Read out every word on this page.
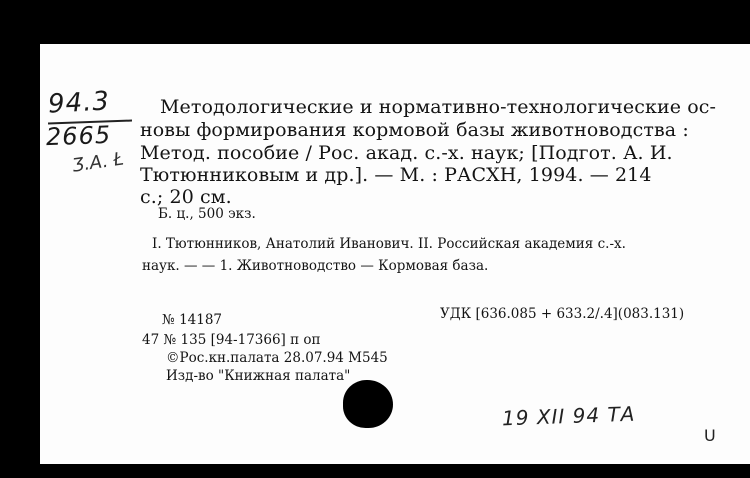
94.3
2665
Ʒ.A. Ł
Методологические и нормативно-технологические ос-
новы формирования кормовой базы животноводства :
Метод. пособие / Рос. акад. с.-х. наук; [Подгот. А. И.
Тютюнниковым и др.]. — М. : РАСХН, 1994. — 214
с.; 20 см.
Б. ц., 500 экз.
I. Тютюнников, Анатолий Иванович. II. Российская академия с.-х.
наук. — — 1. Животноводство — Кормовая база.
№ 14187	УДК [636.085 + 633.2/.4](083.131)
47 № 135 [94-17366] п оп
©Рос.кн.палата 28.07.94 М545
Изд-во "Книжная палата"
19 XII 94 ТА
U
